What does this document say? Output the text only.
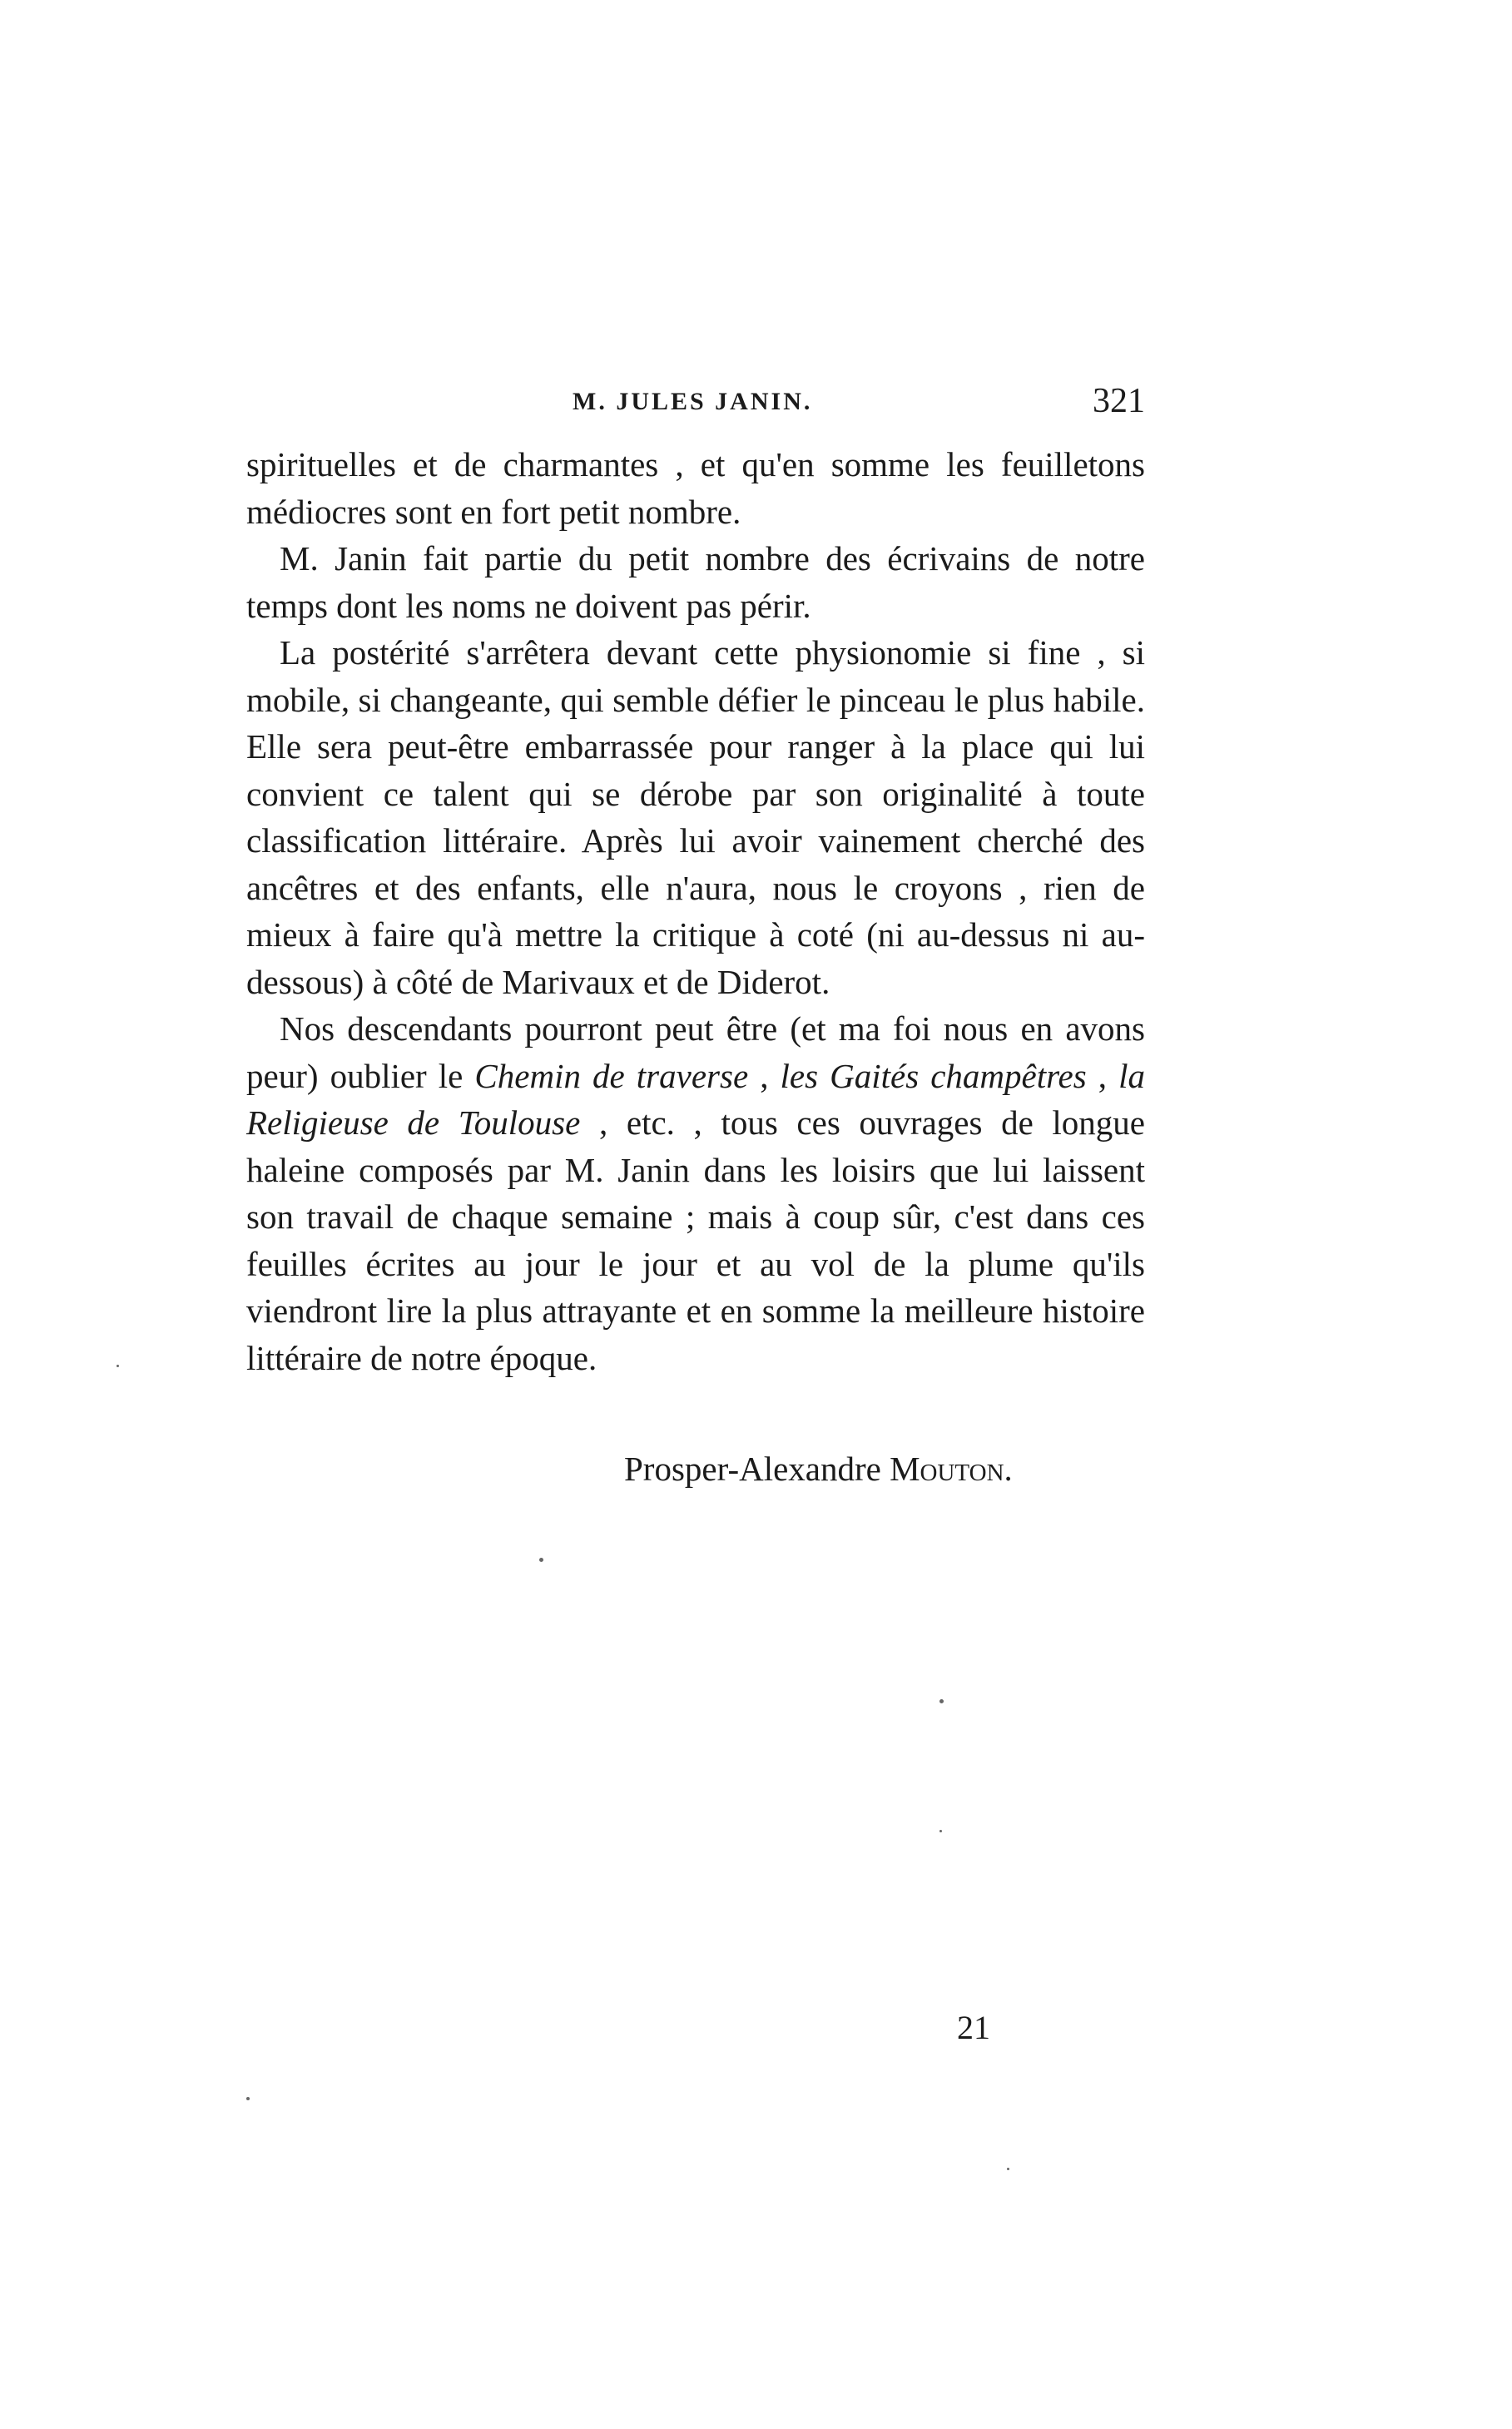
M. JULES JANIN.	321

spirituelles et de charmantes , et qu'en somme les feuilletons médiocres sont en fort petit nombre.

M. Janin fait partie du petit nombre des écrivains de notre temps dont les noms ne doivent pas périr.

La postérité s'arrêtera devant cette physionomie si fine , si mobile, si changeante, qui semble défier le pinceau le plus habile. Elle sera peut-être embarrassée pour ranger à la place qui lui convient ce talent qui se dérobe par son originalité à toute classification littéraire. Après lui avoir vainement cherché des ancêtres et des enfants, elle n'aura, nous le croyons , rien de mieux à faire qu'à mettre la critique à coté (ni au-dessus ni au-dessous) à côté de Marivaux et de Diderot.

Nos descendants pourront peut être (et ma foi nous en avons peur) oublier le Chemin de traverse , les Gaités champêtres , la Religieuse de Toulouse , etc. , tous ces ouvrages de longue haleine composés par M. Janin dans les loisirs que lui laissent son travail de chaque semaine ; mais à coup sûr, c'est dans ces feuilles écrites au jour le jour et au vol de la plume qu'ils viendront lire la plus attrayante et en somme la meilleure histoire littéraire de notre époque.

Prosper-Alexandre Mouton.
21
